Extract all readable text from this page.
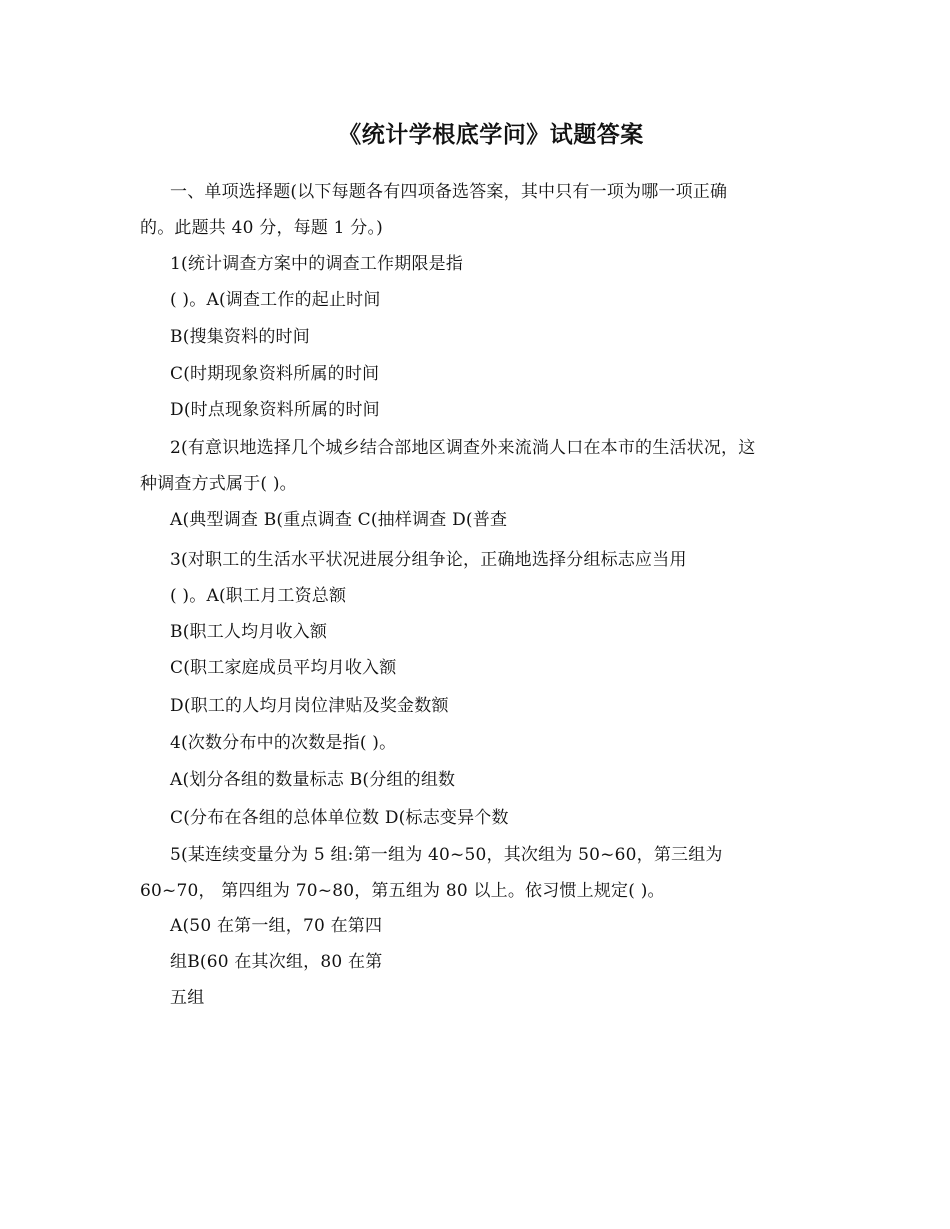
《统计学根底学问》试题答案
一、单项选择题(以下每题各有四项备选答案，其中只有一项为哪一项正确
的。此题共 40 分，每题 1 分。)
1(统计调查方案中的调查工作期限是指
( )。A(调查工作的起止时间
B(搜集资料的时间
C(时期现象资料所属的时间
D(时点现象资料所属的时间
2(有意识地选择几个城乡结合部地区调查外来流淌人口在本市的生活状况，这
种调查方式属于( )。
A(典型调查 B(重点调查 C(抽样调查 D(普查
3(对职工的生活水平状况进展分组争论，正确地选择分组标志应当用
( )。A(职工月工资总额
B(职工人均月收入额
C(职工家庭成员平均月收入额
D(职工的人均月岗位津贴及奖金数额
4(次数分布中的次数是指( )。
A(划分各组的数量标志 B(分组的组数
C(分布在各组的总体单位数 D(标志变异个数
5(某连续变量分为 5 组:第一组为 40~50，其次组为 50~60，第三组为
60~70， 第四组为 70~80，第五组为 80 以上。依习惯上规定( )。
A(50 在第一组，70 在第四
组B(60 在其次组，80 在第
五组
